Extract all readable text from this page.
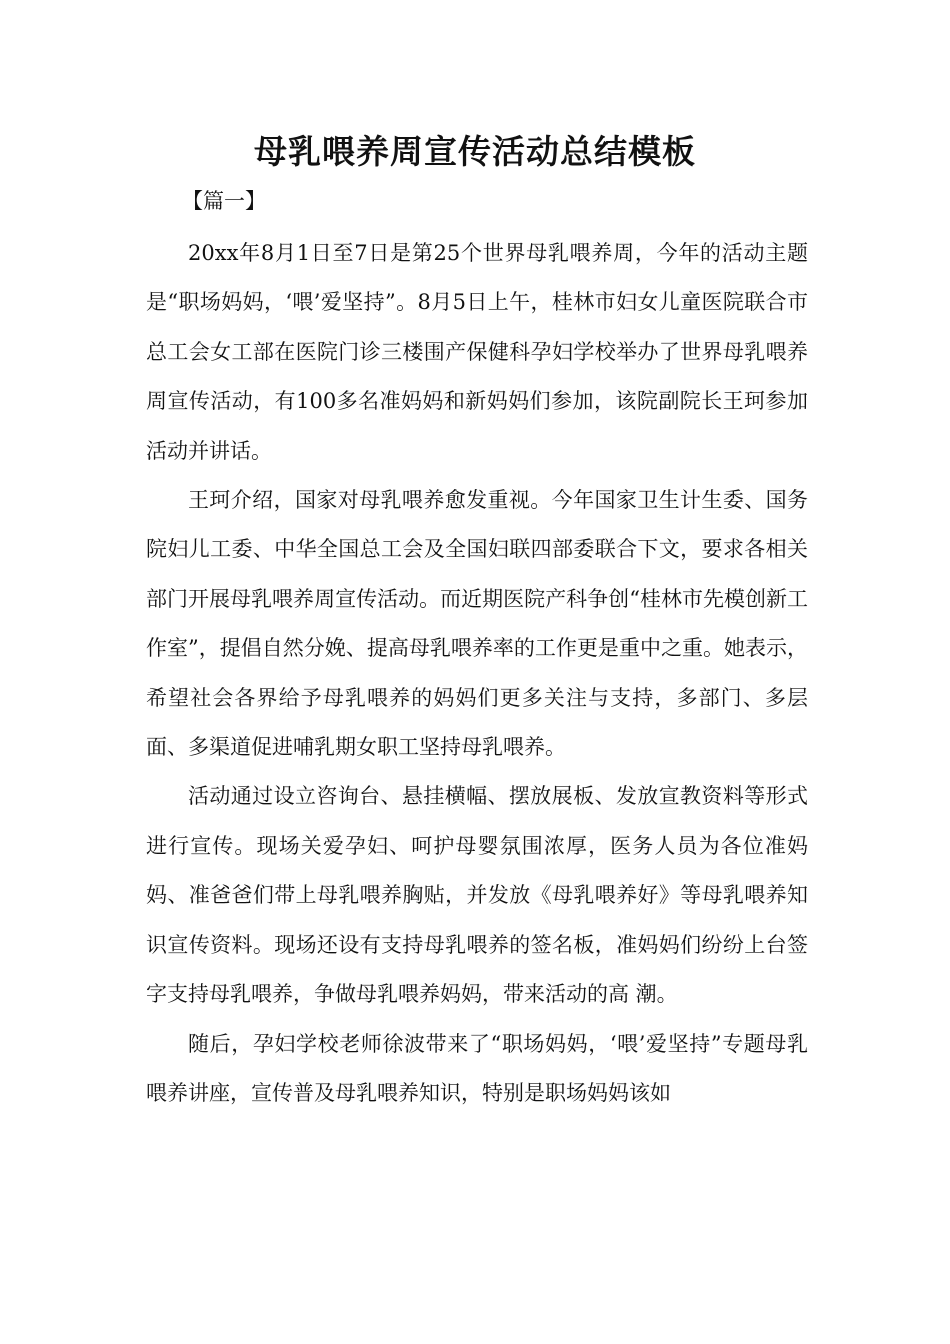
母乳喂养周宣传活动总结模板
【篇一】

20xx年8月1日至7日是第25个世界母乳喂养周，今年的活动主题是“职场妈妈，‘喂’爱坚持”。8月5日上午，桂林市妇女儿童医院联合市总工会女工部在医院门诊三楼围产保健科孕妇学校举办了世界母乳喂养周宣传活动，有100多名准妈妈和新妈妈们参加，该院副院长王珂参加活动并讲话。

王珂介绍，国家对母乳喂养愈发重视。今年国家卫生计生委、国务院妇儿工委、中华全国总工会及全国妇联四部委联合下文，要求各相关部门开展母乳喂养周宣传活动。而近期医院产科争创“桂林市先模创新工作室”，提倡自然分娩、提高母乳喂养率的工作更是重中之重。她表示，希望社会各界给予母乳喂养的妈妈们更多关注与支持，多部门、多层面、多渠道促进哺乳期女职工坚持母乳喂养。

活动通过设立咨询台、悬挂横幅、摆放展板、发放宣教资料等形式进行宣传。现场关爱孕妇、呵护母婴氛围浓厚，医务人员为各位准妈妈、准爸爸们带上母乳喂养胸贴，并发放《母乳喂养好》等母乳喂养知识宣传资料。现场还设有支持母乳喂养的签名板，准妈妈们纷纷上台签字支持母乳喂养，争做母乳喂养妈妈，带来活动的高 潮。

随后，孕妇学校老师徐波带来了“职场妈妈，‘喂’爱坚持”专题母乳喂养讲座，宣传普及母乳喂养知识，特别是职场妈妈该如
